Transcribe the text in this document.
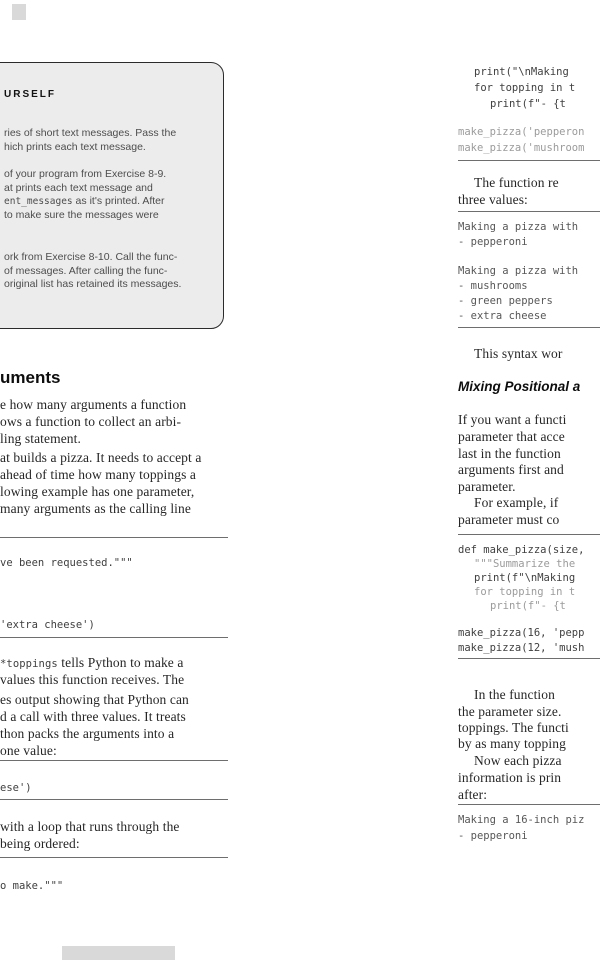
URSELF
ries of short text messages. Pass the
hich prints each text message.
of your program from Exercise 8-9.
at prints each text message and
ent_messages as it's printed. After
to make sure the messages were
ork from Exercise 8-10. Call the func-
of messages. After calling the func-
original list has retained its messages.
uments
e how many arguments a function
ows a function to collect an arbi-
ling statement.
at builds a pizza. It needs to accept a
ahead of time how many toppings a
lowing example has one parameter,
many arguments as the calling line
ve been requested."""
'extra cheese')
*toppings tells Python to make a
values this function receives. The
es output showing that Python can
d a call with three values. It treats
thon packs the arguments into a
one value:
ese')
with a loop that runs through the
being ordered:
o make."""
print("\nMaking
for topping in t
print(f"- {t
make_pizza('pepperon
make_pizza('mushroom
The function re
three values:
Making a pizza with
- pepperoni
Making a pizza with
- mushrooms
- green peppers
- extra cheese
This syntax wor
Mixing Positional a
If you want a functi
parameter that acce
last in the function
arguments first and
parameter.
For example, if
parameter must co
def make_pizza(size,
"""Summarize the
print(f"\nMaking
for topping in t
print(f"- {t
make_pizza(16, 'pepp
make_pizza(12, 'mush
In the function
the parameter size.
toppings. The functi
by as many topping
Now each pizza
information is prin
after:
Making a 16-inch piz
- pepperoni
